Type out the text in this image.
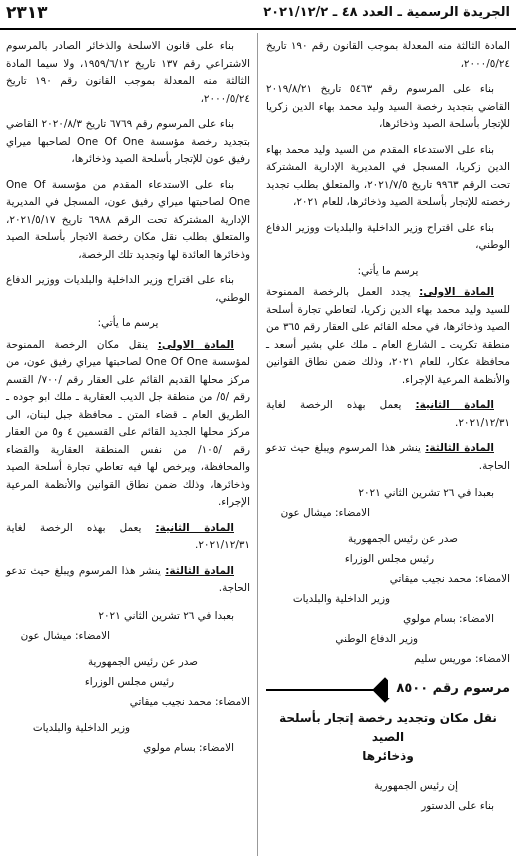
الجريدة الرسمية ـ العدد ٤٨ ـ ٢٠٢١/١٢/٢
٢٣١٣
المادة الثالثة منه المعدلة بموجب القانون رقم ١٩٠ تاريخ ٢٠٠٠/٥/٢٤،
بناء على المرسوم رقم ٥٤٦٣ تاريخ ٢٠١٩/٨/٢١ القاضي بتجديد رخصة السيد وليد محمد بهاء الدين زكريا للإتجار بأسلحة الصيد وذخائرها،
بناء على الاستدعاء المقدم من السيد وليد محمد بهاء الدين زكريا، المسجل في المديرية الإدارية المشتركة تحت الرقم ٩٩٦٣ تاريخ ٢٠٢١/٧/٥، والمتعلق بطلب تجديد رخصته للإتجار بأسلحة الصيد وذخائرها، للعام ٢٠٢١،
بناء على اقتراح وزير الداخلية والبلديات ووزير الدفاع الوطني،
يرسم ما يأتي:
المادة الاولى: يجدد العمل بالرخصة الممنوحة للسيد وليد محمد بهاء الدين زكريا، لتعاطي تجارة أسلحة الصيد وذخائرها، في محله القائم على العقار رقم ٣٦٥ من منطقة تكريت ـ الشارع العام ـ ملك علي بشير أسعد ـ محافظة عكار، للعام ٢٠٢١، وذلك ضمن نطاق القوانين والأنظمة المرعية الإجراء.
المادة الثانية: يعمل بهذه الرخصة لغاية ٢٠٢١/١٢/٣١.
المادة الثالثة: ينشر هذا المرسوم ويبلغ حيث تدعو الحاجة.
بعبدا في ٢٦ تشرين الثاني ٢٠٢١
الامضاء: ميشال عون
صدر عن رئيس الجمهورية
رئيس مجلس الوزراء
الامضاء: محمد نجيب ميقاتي
وزير الداخلية والبلديات
الامضاء: بسام مولوي
وزير الدفاع الوطني
الامضاء: موريس سليم
مرسوم رقم ٨٥٠٠
نقل مكان وتجديد رخصة إتجار بأسلحة الصيد
وذخائرها
إن رئيس الجمهورية
بناء على الدستور
بناء على قانون الاسلحة والذخائر الصادر بالمرسوم الاشتراعي رقم ١٣٧ تاريخ ١٩٥٩/٦/١٢، ولا سيما المادة الثالثة منه المعدلة بموجب القانون رقم ١٩٠ تاريخ ٢٠٠٠/٥/٢٤،
بناء على المرسوم رقم ٦٧٦٩ تاريخ ٢٠٢٠/٨/٣ القاضي بتجديد رخصة مؤسسة One Of One لصاحبها ميراي رفيق عون للإتجار بأسلحة الصيد وذخائرها،
بناء على الاستدعاء المقدم من مؤسسة One Of One لصاحبتها ميراي رفيق عون، المسجل في المديرية الإدارية المشتركة تحت الرقم ٦٩٨٨ تاريخ ٢٠٢١/٥/١٧، والمتعلق بطلب نقل مكان رخصة الاتجار بأسلحة الصيد وذخائرها العائدة لها وتجديد تلك الرخصة،
بناء على اقتراح وزير الداخلية والبلديات ووزير الدفاع الوطني،
يرسم ما يأتي:
المادة الاولى: ينقل مكان الرخصة الممنوحة لمؤسسة One Of One لصاحبتها ميراي رفيق عون، من مركز محلها القديم القائم على العقار رقم /٧٠٠/ القسم رقم /٥/ من منطقة جل الديب العقارية ـ ملك ابو جوده ـ الطريق العام ـ قضاء المتن ـ محافظة جبل لبنان، الى مركز محلها الجديد القائم على القسمين ٤ و٥ من العقار رقم /١٠٥/ من نفس المنطقة العقارية والقضاء والمحافظة، ويرخص لها فيه تعاطي تجارة أسلحة الصيد وذخائرها، وذلك ضمن نطاق القوانين والأنظمة المرعية الإجراء.
المادة الثانية: يعمل بهذه الرخصة لغاية ٢٠٢١/١٢/٣١.
المادة الثالثة: ينشر هذا المرسوم ويبلغ حيث تدعو الحاجة.
بعبدا في ٢٦ تشرين الثاني ٢٠٢١
الامضاء: ميشال عون
صدر عن رئيس الجمهورية
رئيس مجلس الوزراء
الامضاء: محمد نجيب ميقاتي
وزير الداخلية والبلديات
الامضاء: بسام مولوي
